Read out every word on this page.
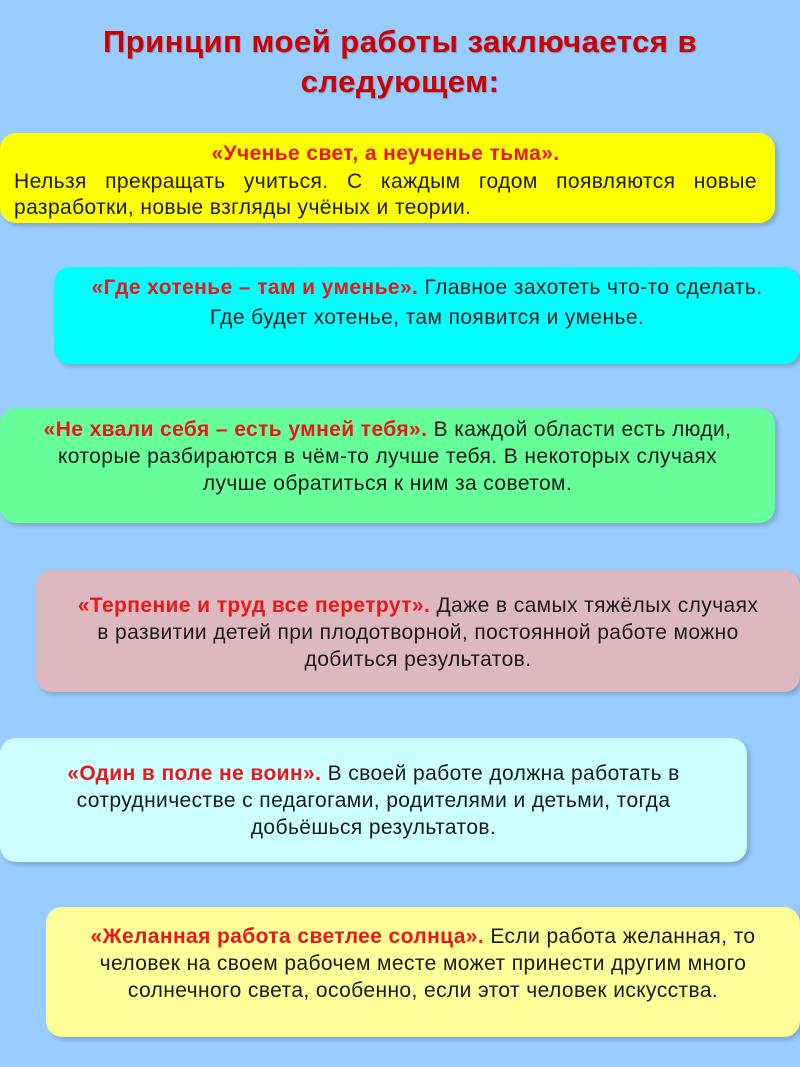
Принцип моей работы заключается в следующем:
«Ученье свет, а неученье тьма».
Нельзя прекращать учиться. С каждым годом появляются новые разработки, новые взгляды учёных и теории.
«Где хотенье – там и уменье». Главное захотеть что-то сделать. Где будет хотенье, там появится и уменье.
«Не хвали себя – есть умней тебя». В каждой области есть люди, которые разбираются в чём-то лучше тебя. В некоторых случаях лучше обратиться к ним за советом.
«Терпение и труд все перетрут». Даже в самых тяжёлых случаях в развитии детей при плодотворной, постоянной работе можно добиться результатов.
«Один в поле не воин». В своей работе должна работать в сотрудничестве с педагогами, родителями и детьми, тогда добьёшься результатов.
«Желанная работа светлее солнца». Если работа желанная, то человек на своем рабочем месте может принести другим много солнечного света, особенно, если этот человек искусства.
